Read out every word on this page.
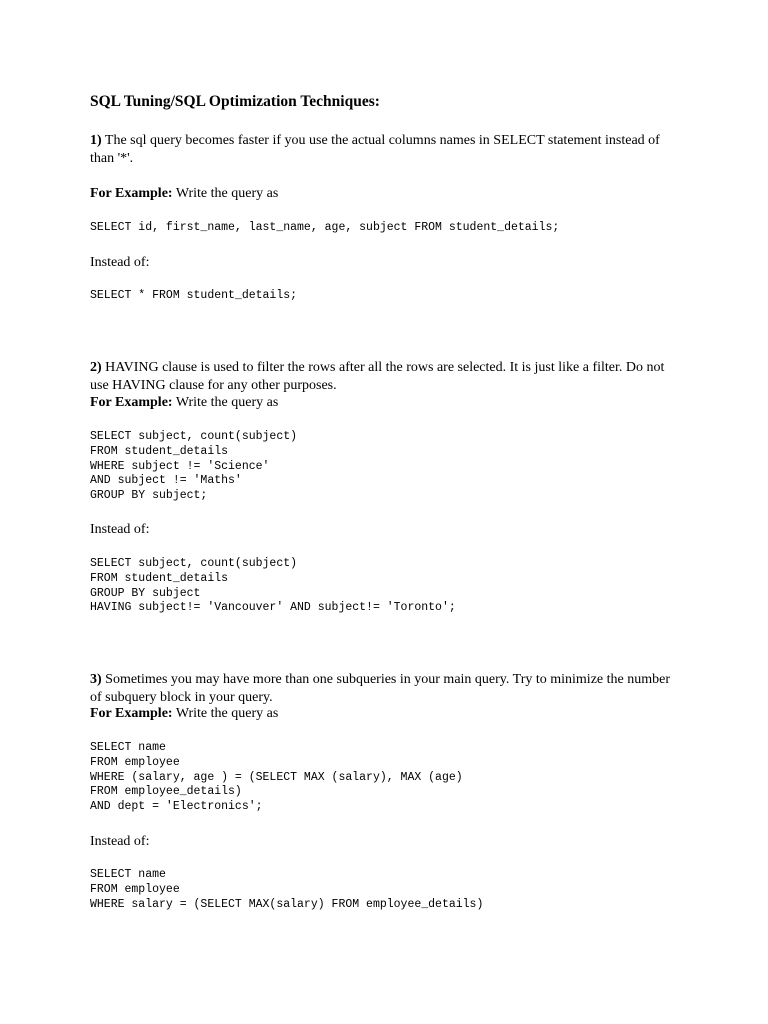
SQL Tuning/SQL Optimization Techniques:
1) The sql query becomes faster if you use the actual columns names in SELECT statement instead of than '*'.
For Example: Write the query as
SELECT id, first_name, last_name, age, subject FROM student_details;
Instead of:
SELECT * FROM student_details;
2) HAVING clause is used to filter the rows after all the rows are selected. It is just like a filter. Do not use HAVING clause for any other purposes.
For Example: Write the query as
SELECT subject, count(subject)
FROM student_details
WHERE subject != 'Science'
AND subject != 'Maths'
GROUP BY subject;
Instead of:
SELECT subject, count(subject)
FROM student_details
GROUP BY subject
HAVING subject!= 'Vancouver' AND subject!= 'Toronto';
3) Sometimes you may have more than one subqueries in your main query. Try to minimize the number of subquery block in your query.
For Example: Write the query as
SELECT name
FROM employee
WHERE (salary, age ) = (SELECT MAX (salary), MAX (age)
FROM employee_details)
AND dept = 'Electronics';
Instead of:
SELECT name
FROM employee
WHERE salary = (SELECT MAX(salary) FROM employee_details)
